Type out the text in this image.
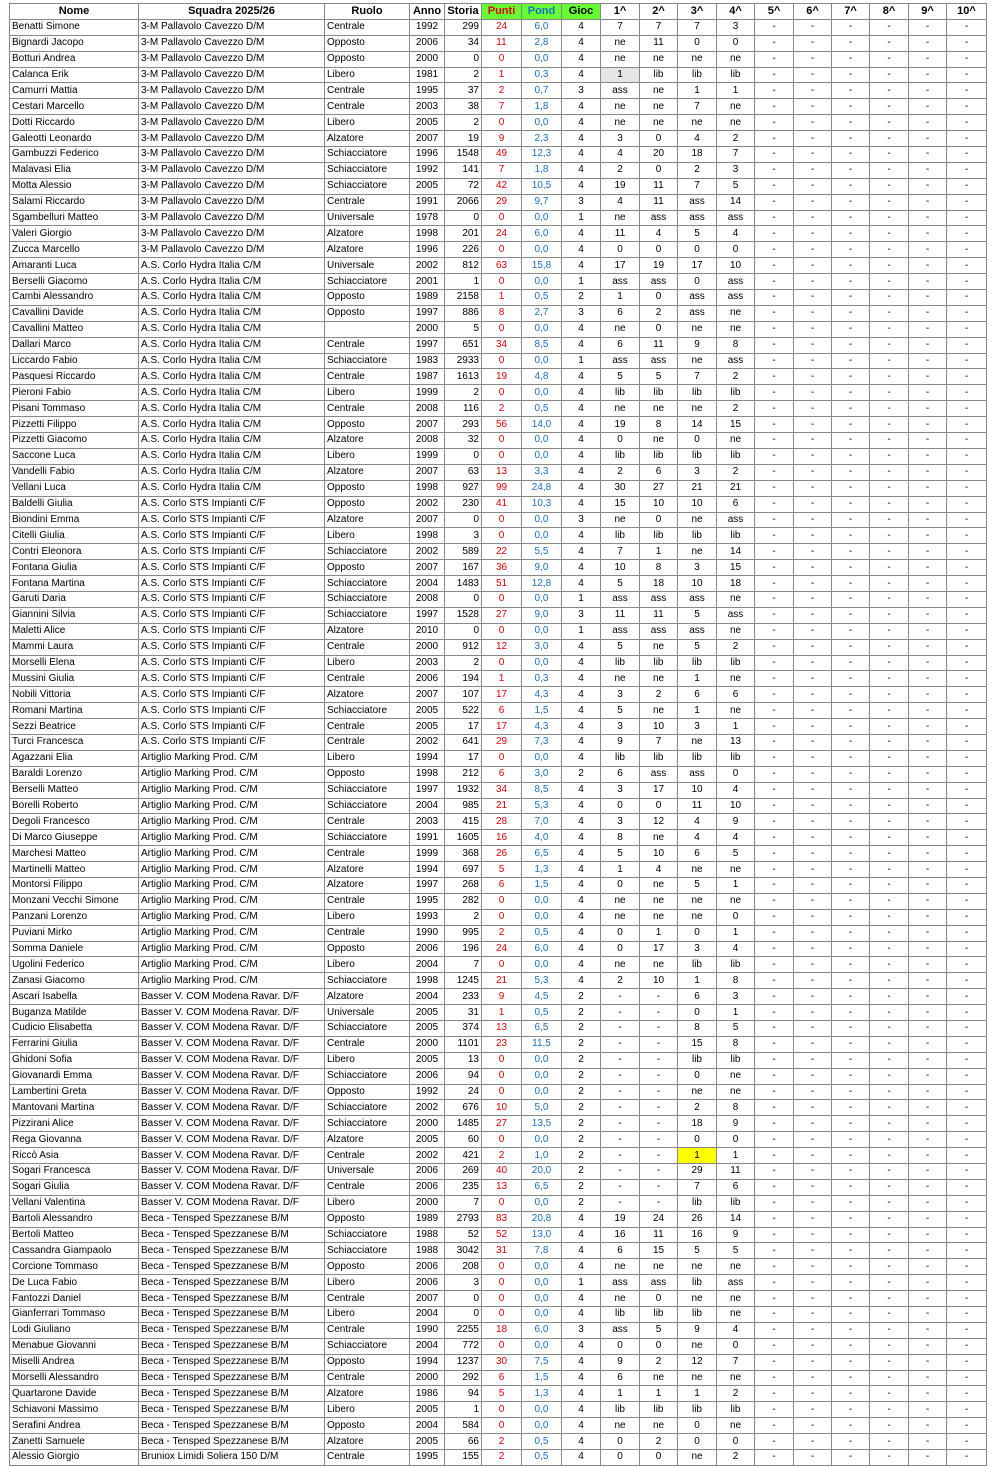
Nome	Squadra 2025/26	Ruolo	Anno	Storia	Punti	Pond	Gioc	1^	2^	3^	4^	5^	6^	7^	8^	9^	10^
Benatti Simone	3-M Pallavolo Cavezzo D/M	Centrale	1992	299	24	6,0	4	7	7	7	3	-	-	-	-	-	-
Bignardi Jacopo	3-M Pallavolo Cavezzo D/M	Opposto	2006	34	11	2,8	4	ne	11	0	0	-	-	-	-	-	-
Botturi Andrea	3-M Pallavolo Cavezzo D/M	Opposto	2000	0	0	0,0	4	ne	ne	ne	ne	-	-	-	-	-	-
Calanca Erik	3-M Pallavolo Cavezzo D/M	Libero	1981	2	1	0,3	4	1	lib	lib	lib	-	-	-	-	-	-
Camurri Mattia	3-M Pallavolo Cavezzo D/M	Centrale	1995	37	2	0,7	3	ass	ne	1	1	-	-	-	-	-	-
Cestari Marcello	3-M Pallavolo Cavezzo D/M	Centrale	2003	38	7	1,8	4	ne	ne	7	ne	-	-	-	-	-	-
Dotti Riccardo	3-M Pallavolo Cavezzo D/M	Libero	2005	2	0	0,0	4	ne	ne	ne	ne	-	-	-	-	-	-
Galeotti Leonardo	3-M Pallavolo Cavezzo D/M	Alzatore	2007	19	9	2,3	4	3	0	4	2	-	-	-	-	-	-
Gambuzzi Federico	3-M Pallavolo Cavezzo D/M	Schiacciatore	1996	1548	49	12,3	4	4	20	18	7	-	-	-	-	-	-
Malavasi Elia	3-M Pallavolo Cavezzo D/M	Schiacciatore	1992	141	7	1,8	4	2	0	2	3	-	-	-	-	-	-
Motta Alessio	3-M Pallavolo Cavezzo D/M	Schiacciatore	2005	72	42	10,5	4	19	11	7	5	-	-	-	-	-	-
Salami Riccardo	3-M Pallavolo Cavezzo D/M	Centrale	1991	2066	29	9,7	3	4	11	ass	14	-	-	-	-	-	-
Sgambelluri Matteo	3-M Pallavolo Cavezzo D/M	Universale	1978	0	0	0,0	1	ne	ass	ass	ass	-	-	-	-	-	-
Valeri Giorgio	3-M Pallavolo Cavezzo D/M	Alzatore	1998	201	24	6,0	4	11	4	5	4	-	-	-	-	-	-
Zucca Marcello	3-M Pallavolo Cavezzo D/M	Alzatore	1996	226	0	0,0	4	0	0	0	0	-	-	-	-	-	-
Amaranti Luca	A.S. Corlo Hydra Italia C/M	Universale	2002	812	63	15,8	4	17	19	17	10	-	-	-	-	-	-
Berselli Giacomo	A.S. Corlo Hydra Italia C/M	Schiacciatore	2001	1	0	0,0	1	ass	ass	0	ass	-	-	-	-	-	-
Cambi Alessandro	A.S. Corlo Hydra Italia C/M	Opposto	1989	2158	1	0,5	2	1	0	ass	ass	-	-	-	-	-	-
Cavallini Davide	A.S. Corlo Hydra Italia C/M	Opposto	1997	886	8	2,7	3	6	2	ass	ne	-	-	-	-	-	-
Cavallini Matteo	A.S. Corlo Hydra Italia C/M		2000	5	0	0,0	4	ne	0	ne	ne	-	-	-	-	-	-
Dallari Marco	A.S. Corlo Hydra Italia C/M	Centrale	1997	651	34	8,5	4	6	11	9	8	-	-	-	-	-	-
Liccardo Fabio	A.S. Corlo Hydra Italia C/M	Schiacciatore	1983	2933	0	0,0	1	ass	ass	ne	ass	-	-	-	-	-	-
Pasquesi Riccardo	A.S. Corlo Hydra Italia C/M	Centrale	1987	1613	19	4,8	4	5	5	7	2	-	-	-	-	-	-
Pieroni Fabio	A.S. Corlo Hydra Italia C/M	Libero	1999	2	0	0,0	4	lib	lib	lib	lib	-	-	-	-	-	-
Pisani Tommaso	A.S. Corlo Hydra Italia C/M	Centrale	2008	116	2	0,5	4	ne	ne	ne	2	-	-	-	-	-	-
Pizzetti Filippo	A.S. Corlo Hydra Italia C/M	Opposto	2007	293	56	14,0	4	19	8	14	15	-	-	-	-	-	-
Pizzetti Giacomo	A.S. Corlo Hydra Italia C/M	Alzatore	2008	32	0	0,0	4	0	ne	0	ne	-	-	-	-	-	-
Saccone Luca	A.S. Corlo Hydra Italia C/M	Libero	1999	0	0	0,0	4	lib	lib	lib	lib	-	-	-	-	-	-
Vandelli Fabio	A.S. Corlo Hydra Italia C/M	Alzatore	2007	63	13	3,3	4	2	6	3	2	-	-	-	-	-	-
Vellani Luca	A.S. Corlo Hydra Italia C/M	Opposto	1998	927	99	24,8	4	30	27	21	21	-	-	-	-	-	-
Baldelli Giulia	A.S. Corlo STS Impianti C/F	Opposto	2002	230	41	10,3	4	15	10	10	6	-	-	-	-	-	-
Biondini Emma	A.S. Corlo STS Impianti C/F	Alzatore	2007	0	0	0,0	3	ne	0	ne	ass	-	-	-	-	-	-
Citelli Giulia	A.S. Corlo STS Impianti C/F	Libero	1998	3	0	0,0	4	lib	lib	lib	lib	-	-	-	-	-	-
Contri Eleonora	A.S. Corlo STS Impianti C/F	Schiacciatore	2002	589	22	5,5	4	7	1	ne	14	-	-	-	-	-	-
Fontana Giulia	A.S. Corlo STS Impianti C/F	Opposto	2007	167	36	9,0	4	10	8	3	15	-	-	-	-	-	-
Fontana Martina	A.S. Corlo STS Impianti C/F	Schiacciatore	2004	1483	51	12,8	4	5	18	10	18	-	-	-	-	-	-
Garuti Daria	A.S. Corlo STS Impianti C/F	Schiacciatore	2008	0	0	0,0	1	ass	ass	ass	ne	-	-	-	-	-	-
Giannini Silvia	A.S. Corlo STS Impianti C/F	Schiacciatore	1997	1528	27	9,0	3	11	11	5	ass	-	-	-	-	-	-
Maletti Alice	A.S. Corlo STS Impianti C/F	Alzatore	2010	0	0	0,0	1	ass	ass	ass	ne	-	-	-	-	-	-
Mammi Laura	A.S. Corlo STS Impianti C/F	Centrale	2000	912	12	3,0	4	5	ne	5	2	-	-	-	-	-	-
Morselli Elena	A.S. Corlo STS Impianti C/F	Libero	2003	2	0	0,0	4	lib	lib	lib	lib	-	-	-	-	-	-
Mussini Giulia	A.S. Corlo STS Impianti C/F	Centrale	2006	194	1	0,3	4	ne	ne	1	ne	-	-	-	-	-	-
Nobili Vittoria	A.S. Corlo STS Impianti C/F	Alzatore	2007	107	17	4,3	4	3	2	6	6	-	-	-	-	-	-
Romani Martina	A.S. Corlo STS Impianti C/F	Schiacciatore	2005	522	6	1,5	4	5	ne	1	ne	-	-	-	-	-	-
Sezzi Beatrice	A.S. Corlo STS Impianti C/F	Centrale	2005	17	17	4,3	4	3	10	3	1	-	-	-	-	-	-
Turci Francesca	A.S. Corlo STS Impianti C/F	Centrale	2002	641	29	7,3	4	9	7	ne	13	-	-	-	-	-	-
Agazzani Elia	Artiglio Marking Prod. C/M	Libero	1994	17	0	0,0	4	lib	lib	lib	lib	-	-	-	-	-	-
Baraldi Lorenzo	Artiglio Marking Prod. C/M	Opposto	1998	212	6	3,0	2	6	ass	ass	0	-	-	-	-	-	-
Berselli Matteo	Artiglio Marking Prod. C/M	Schiacciatore	1997	1932	34	8,5	4	3	17	10	4	-	-	-	-	-	-
Borelli Roberto	Artiglio Marking Prod. C/M	Schiacciatore	2004	985	21	5,3	4	0	0	11	10	-	-	-	-	-	-
Degoli Francesco	Artiglio Marking Prod. C/M	Centrale	2003	415	28	7,0	4	3	12	4	9	-	-	-	-	-	-
Di Marco Giuseppe	Artiglio Marking Prod. C/M	Schiacciatore	1991	1605	16	4,0	4	8	ne	4	4	-	-	-	-	-	-
Marchesi Matteo	Artiglio Marking Prod. C/M	Centrale	1999	368	26	6,5	4	5	10	6	5	-	-	-	-	-	-
Martinelli Matteo	Artiglio Marking Prod. C/M	Alzatore	1994	697	5	1,3	4	1	4	ne	ne	-	-	-	-	-	-
Montorsi Filippo	Artiglio Marking Prod. C/M	Alzatore	1997	268	6	1,5	4	0	ne	5	1	-	-	-	-	-	-
Monzani Vecchi Simone	Artiglio Marking Prod. C/M	Centrale	1995	282	0	0,0	4	ne	ne	ne	ne	-	-	-	-	-	-
Panzani Lorenzo	Artiglio Marking Prod. C/M	Libero	1993	2	0	0,0	4	ne	ne	ne	0	-	-	-	-	-	-
Puviani Mirko	Artiglio Marking Prod. C/M	Centrale	1990	995	2	0,5	4	0	1	0	1	-	-	-	-	-	-
Somma Daniele	Artiglio Marking Prod. C/M	Opposto	2006	196	24	6,0	4	0	17	3	4	-	-	-	-	-	-
Ugolini Federico	Artiglio Marking Prod. C/M	Libero	2004	7	0	0,0	4	ne	ne	lib	lib	-	-	-	-	-	-
Zanasi Giacomo	Artiglio Marking Prod. C/M	Schiacciatore	1998	1245	21	5,3	4	2	10	1	8	-	-	-	-	-	-
Ascari Isabella	Basser V. COM Modena Ravar. D/F	Alzatore	2004	233	9	4,5	2	-	-	6	3	-	-	-	-	-	-
Buganza Matilde	Basser V. COM Modena Ravar. D/F	Universale	2005	31	1	0,5	2	-	-	0	1	-	-	-	-	-	-
Cudicio Elisabetta	Basser V. COM Modena Ravar. D/F	Schiacciatore	2005	374	13	6,5	2	-	-	8	5	-	-	-	-	-	-
Ferrarini Giulia	Basser V. COM Modena Ravar. D/F	Centrale	2000	1101	23	11,5	2	-	-	15	8	-	-	-	-	-	-
Ghidoni Sofia	Basser V. COM Modena Ravar. D/F	Libero	2005	13	0	0,0	2	-	-	lib	lib	-	-	-	-	-	-
Giovanardi Emma	Basser V. COM Modena Ravar. D/F	Schiacciatore	2006	94	0	0,0	2	-	-	0	ne	-	-	-	-	-	-
Lambertini Greta	Basser V. COM Modena Ravar. D/F	Opposto	1992	24	0	0,0	2	-	-	ne	ne	-	-	-	-	-	-
Mantovani Martina	Basser V. COM Modena Ravar. D/F	Schiacciatore	2002	676	10	5,0	2	-	-	2	8	-	-	-	-	-	-
Pizzirani Alice	Basser V. COM Modena Ravar. D/F	Schiacciatore	2000	1485	27	13,5	2	-	-	18	9	-	-	-	-	-	-
Rega Giovanna	Basser V. COM Modena Ravar. D/F	Alzatore	2005	60	0	0,0	2	-	-	0	0	-	-	-	-	-	-
Riccò Asia	Basser V. COM Modena Ravar. D/F	Centrale	2002	421	2	1,0	2	-	-	1	1	-	-	-	-	-	-
Sogari Francesca	Basser V. COM Modena Ravar. D/F	Universale	2006	269	40	20,0	2	-	-	29	11	-	-	-	-	-	-
Sogari Giulia	Basser V. COM Modena Ravar. D/F	Centrale	2006	235	13	6,5	2	-	-	7	6	-	-	-	-	-	-
Vellani Valentina	Basser V. COM Modena Ravar. D/F	Libero	2000	7	0	0,0	2	-	-	lib	lib	-	-	-	-	-	-
Bartoli Alessandro	Beca - Tensped Spezzanese B/M	Opposto	1989	2793	83	20,8	4	19	24	26	14	-	-	-	-	-	-
Bertoli Matteo	Beca - Tensped Spezzanese B/M	Schiacciatore	1988	52	52	13,0	4	16	11	16	9	-	-	-	-	-	-
Cassandra Giampaolo	Beca - Tensped Spezzanese B/M	Schiacciatore	1988	3042	31	7,8	4	6	15	5	5	-	-	-	-	-	-
Corcione Tommaso	Beca - Tensped Spezzanese B/M	Opposto	2006	208	0	0,0	4	ne	ne	ne	ne	-	-	-	-	-	-
De Luca Fabio	Beca - Tensped Spezzanese B/M	Libero	2006	3	0	0,0	1	ass	ass	lib	ass	-	-	-	-	-	-
Fantozzi Daniel	Beca - Tensped Spezzanese B/M	Centrale	2007	0	0	0,0	4	ne	0	ne	ne	-	-	-	-	-	-
Gianferrari Tommaso	Beca - Tensped Spezzanese B/M	Libero	2004	0	0	0,0	4	lib	lib	lib	ne	-	-	-	-	-	-
Lodi Giuliano	Beca - Tensped Spezzanese B/M	Centrale	1990	2255	18	6,0	3	ass	5	9	4	-	-	-	-	-	-
Menabue Giovanni	Beca - Tensped Spezzanese B/M	Schiacciatore	2004	772	0	0,0	4	0	0	ne	0	-	-	-	-	-	-
Miselli Andrea	Beca - Tensped Spezzanese B/M	Opposto	1994	1237	30	7,5	4	9	2	12	7	-	-	-	-	-	-
Morselli Alessandro	Beca - Tensped Spezzanese B/M	Centrale	2000	292	6	1,5	4	6	ne	ne	ne	-	-	-	-	-	-
Quartarone Davide	Beca - Tensped Spezzanese B/M	Alzatore	1986	94	5	1,3	4	1	1	1	2	-	-	-	-	-	-
Schiavoni Massimo	Beca - Tensped Spezzanese B/M	Libero	2005	1	0	0,0	4	lib	lib	lib	lib	-	-	-	-	-	-
Serafini Andrea	Beca - Tensped Spezzanese B/M	Opposto	2004	584	0	0,0	4	ne	ne	0	ne	-	-	-	-	-	-
Zanetti Samuele	Beca - Tensped Spezzanese B/M	Alzatore	2005	66	2	0,5	4	0	2	0	0	-	-	-	-	-	-
Alessio Giorgio	Bruniox Limidi Soliera 150 D/M	Centrale	1995	155	2	0,5	4	0	0	ne	2	-	-	-	-	-	-
